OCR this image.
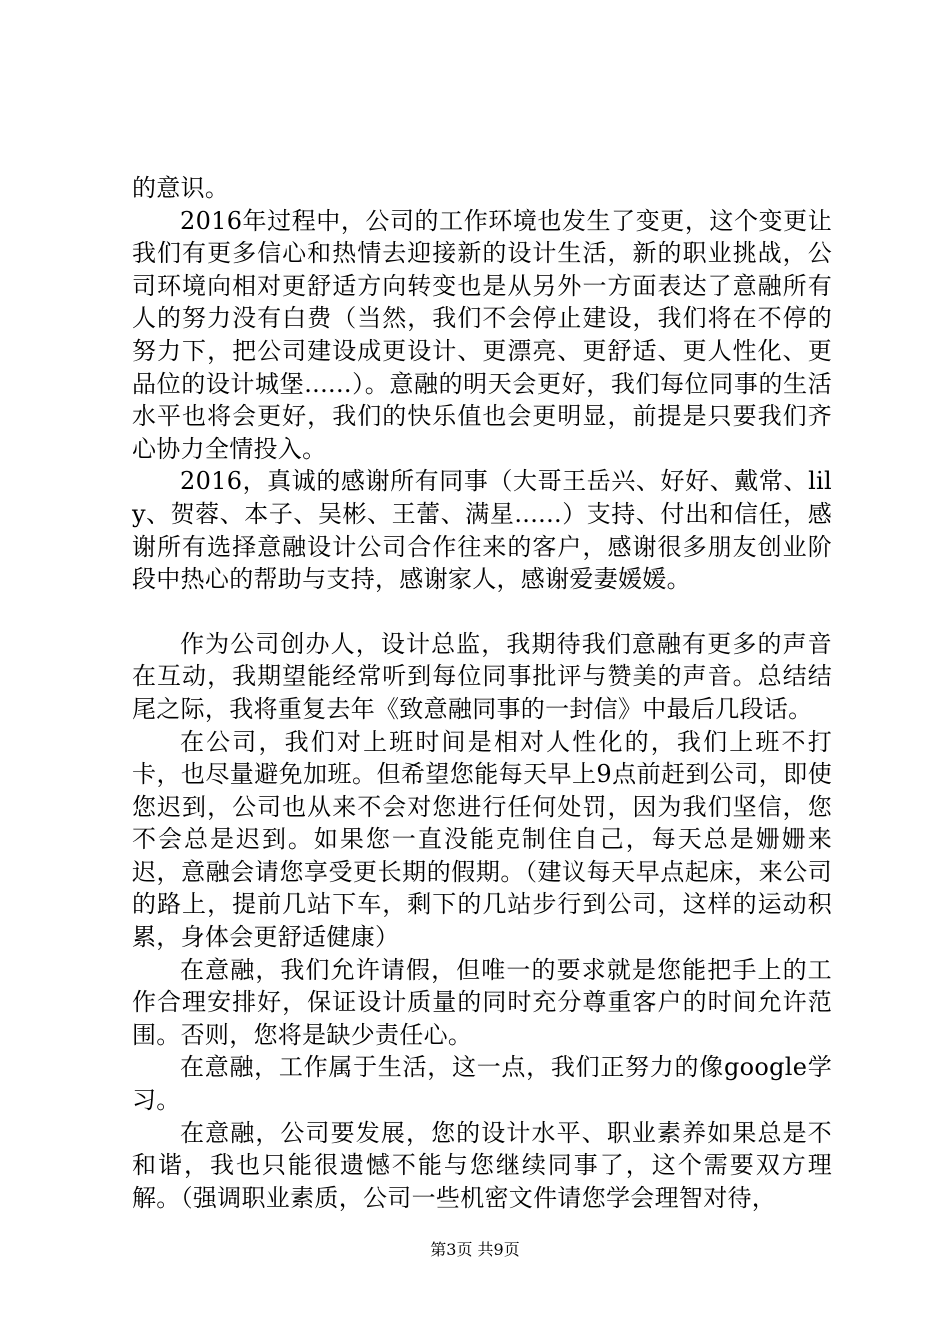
的意识。

2016年过程中，公司的工作环境也发生了变更，这个变更让我们有更多信心和热情去迎接新的设计生活，新的职业挑战，公司环境向相对更舒适方向转变也是从另外一方面表达了意融所有人的努力没有白费（当然，我们不会停止建设，我们将在不停的努力下，把公司建设成更设计、更漂亮、更舒适、更人性化、更品位的设计城堡......）。意融的明天会更好，我们每位同事的生活水平也将会更好，我们的快乐值也会更明显，前提是只要我们齐心协力全情投入。

2016，真诚的感谢所有同事（大哥王岳兴、好好、戴常、lily、贺蓉、本子、吴彬、王蕾、满星......）支持、付出和信任，感谢所有选择意融设计公司合作往来的客户，感谢很多朋友创业阶段中热心的帮助与支持，感谢家人，感谢爱妻媛媛。

作为公司创办人，设计总监，我期待我们意融有更多的声音在互动，我期望能经常听到每位同事批评与赞美的声音。总结结尾之际，我将重复去年《致意融同事的一封信》中最后几段话。

在公司，我们对上班时间是相对人性化的，我们上班不打卡，也尽量避免加班。但希望您能每天早上9点前赶到公司，即使您迟到，公司也从来不会对您进行任何处罚，因为我们坚信，您不会总是迟到。如果您一直没能克制住自己，每天总是姗姗来迟，意融会请您享受更长期的假期。（建议每天早点起床，来公司的路上，提前几站下车，剩下的几站步行到公司，这样的运动积累，身体会更舒适健康）

在意融，我们允许请假，但唯一的要求就是您能把手上的工作合理安排好，保证设计质量的同时充分尊重客户的时间允许范围。否则，您将是缺少责任心。

在意融，工作属于生活，这一点，我们正努力的像google学习。

在意融，公司要发展，您的设计水平、职业素养如果总是不和谐，我也只能很遗憾不能与您继续同事了，这个需要双方理解。（强调职业素质，公司一些机密文件请您学会理智对待，

第3页 共9页
